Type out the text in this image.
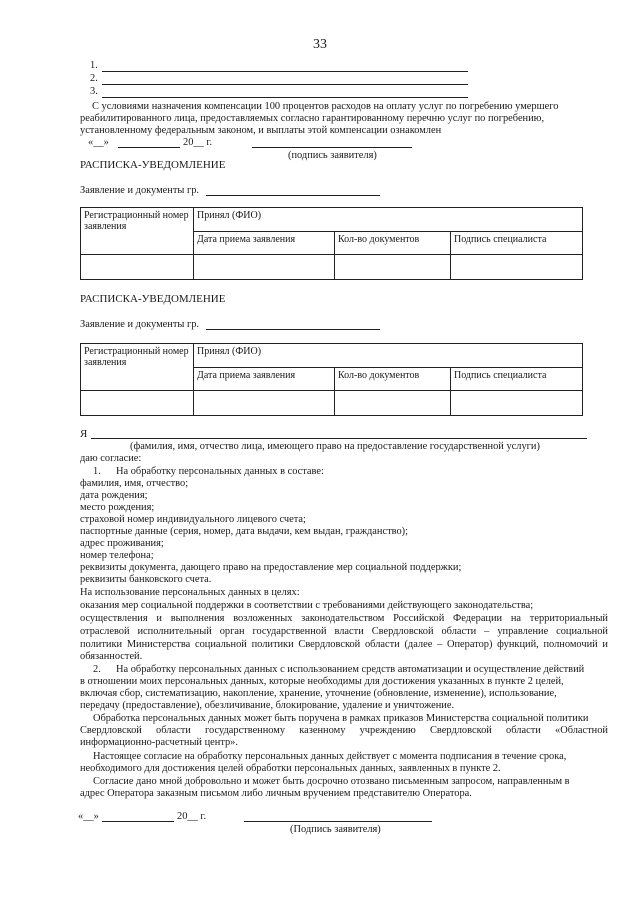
33
1.
2.
3.
С условиями назначения компенсации 100 процентов расходов на оплату услуг по погребению умершего
реабилитированного лица, предоставляемых согласно гарантированному перечню услуг по погребению,
установленному федеральным законом, и выплаты этой компенсации ознакомлен
«__»	20__ г.
(подпись заявителя)
РАСПИСКА-УВЕДОМЛЕНИЕ
Заявление и документы гр.
Регистрационный номер заявления	Принял (ФИО)		
	Дата приема заявления	Кол-во документов	Подпись специалиста

РАСПИСКА-УВЕДОМЛЕНИЕ
Заявление и документы гр.
Регистрационный номер заявления	Принял (ФИО)		
	Дата приема заявления	Кол-во документов	Подпись специалиста

Я
(фамилия, имя, отчество лица, имеющего право на предоставление государственной услуги)
даю согласие:
1. На обработку персональных данных в составе:
фамилия, имя, отчество;
дата рождения;
место рождения;
страховой номер индивидуального лицевого счета;
паспортные данные (серия, номер, дата выдачи, кем выдан, гражданство);
адрес проживания;
номер телефона;
реквизиты документа, дающего право на предоставление мер социальной поддержки;
реквизиты банковского счета.
На использование персональных данных в целях:
оказания мер социальной поддержки в соответствии с требованиями действующего законодательства;
осуществления и выполнения возложенных законодательством Российской Федерации на территориальный
отраслевой исполнительный орган государственной власти Свердловской области – управление социальной
политики Министерства социальной политики Свердловской области (далее – Оператор) функций, полномочий и
обязанностей.
2. На обработку персональных данных с использованием средств автоматизации и осуществление действий
в отношении моих персональных данных, которые необходимы для достижения указанных в пункте 2 целей,
включая сбор, систематизацию, накопление, хранение, уточнение (обновление, изменение), использование,
передачу (предоставление), обезличивание, блокирование, удаление и уничтожение.
Обработка персональных данных может быть поручена в рамках приказов Министерства социальной политики
Свердловской области государственному казенному учреждению Свердловской области «Областной
информационно-расчетный центр».
Настоящее согласие на обработку персональных данных действует с момента подписания в течение срока,
необходимого для достижения целей обработки персональных данных, заявленных в пункте 2.
Согласие дано мной добровольно и может быть досрочно отозвано письменным запросом, направленным в
адрес Оператора заказным письмом либо личным вручением представителю Оператора.
«__»	20__ г.
(Подпись заявителя)
